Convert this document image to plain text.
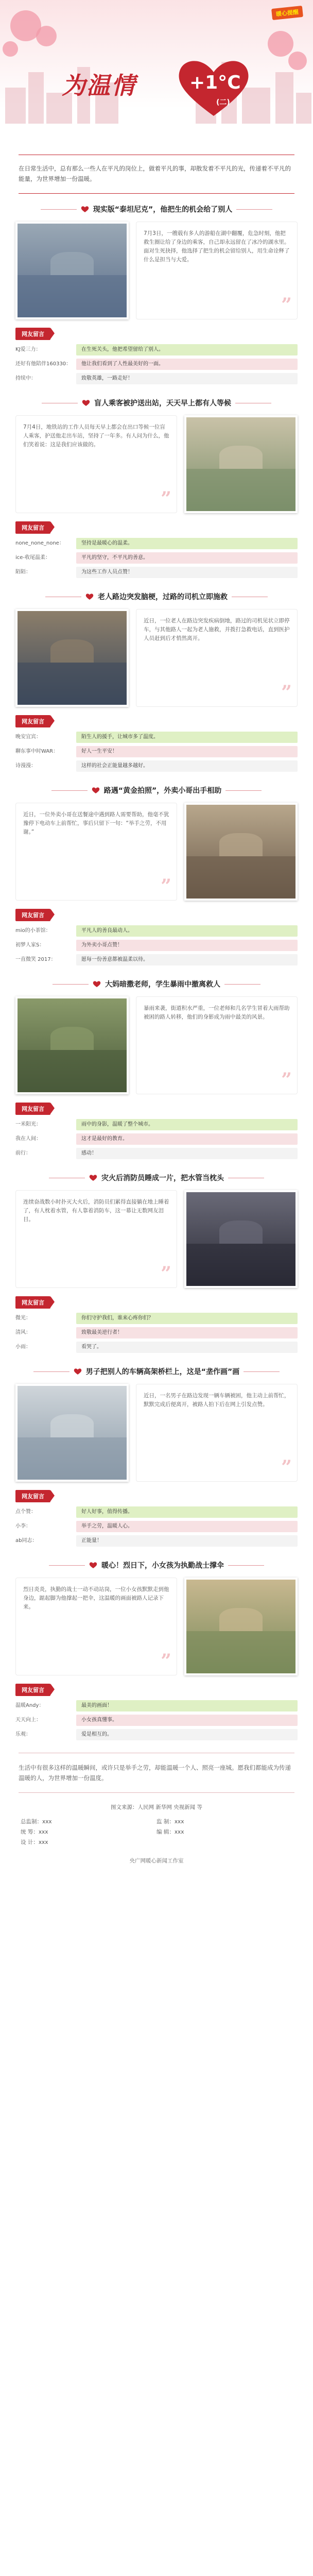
暖心提醒
为温情	+1°C
(二)
在日常生活中，总有那么一些人在平凡的岗位上，做着平凡的事，却散发着不平凡的光，传递着不平凡的能量，为世界增加一份温暖。
现实版“泰坦尼克”，他把生的机会给了别人
7月3日，一艘载有多人的游船在湖中翻覆，危急时刻，他把救生圈让给了身边的乘客，自己却永远留在了冰冷的湖水里。面对生死抉择，他选择了把生的机会留给别人，用生命诠释了什么是担当与大爱。
”
网友留言
KJ爱三力：	在生死关头，他把希望留给了别人。
还好有他陪伴160330：	他让我们看到了人性最美好的一面。
持续中：	致敬英雄，一路走好！
盲人乘客被护送出站，天天早上都有人等候
7月4日，地铁站的工作人员每天早上都会在出口等候一位盲人乘客，护送他走出车站，坚持了一年多。有人问为什么，他们笑着说：这是我们应该做的。
”
网友留言
none_none_none：	坚持是最暖心的温柔。
ice-收尾温柔：	平凡的坚守，不平凡的善意。
陌陌：	为这些工作人员点赞！
老人路边突发脑梗，过路的司机立即施救
近日，一位老人在路边突发疾病倒地，路过的司机见状立即停车，与其他路人一起为老人施救，并拨打急救电话，直到医护人员赶到后才悄然离开。
”
网友留言
晚安宜宾：	陌生人的援手，让城市多了温度。
聊东事中时WAR：	好人一生平安！
诗漫漫：	这样的社会正能量越多越好。
路遇“黄金拍照”，外卖小哥出手相助
近日，一位外卖小哥在送餐途中遇到路人需要帮助，他毫不犹豫停下电动车上前帮忙，事后只留下一句：“举手之劳，不用谢。”
”
网友留言
mio的小茶馆：	平凡人的善良最动人。
初梦人家S：	为外卖小哥点赞！
一直微笑 2017：	愿每一份善意都被温柔以待。
大妈暗撒老师，学生暴雨中撤离救人
暴雨来袭，街道积水严重，一位老师和几名学生冒着大雨帮助被困的路人转移，他们的身影成为雨中最美的风景。
”
网友留言
一米阳光：	雨中的身影，温暖了整个城市。
我在人间：	这才是最好的教育。
前行：	感动！
灾火后消防员睡成一片，把水管当枕头
连续奋战数小时扑灭大火后，消防员们累得直接躺在地上睡着了，有人枕着水管，有人靠着消防车，这一幕让无数网友泪目。
”
网友留言
微光：	你们守护我们，谁来心疼你们？
清风：	致敬最美逆行者！
小雨：	看哭了。
男子把别人的车辆高架桥栏上，这是“垄作画”画
近日，一名男子在路边发现一辆车辆被困，他主动上前帮忙，默默完成后便离开，被路人拍下后在网上引发点赞。
”
网友留言
点个赞：	好人好事，值得传播。
小李：	举手之劳，温暖人心。
ab同志：	正能量！
暖心！烈日下，小女孩为执勤战士撑伞
烈日炎炎，执勤的战士一动不动站岗，一位小女孩默默走到他身边，踮起脚为他撑起一把伞，这温暖的画面被路人记录下来。
”
网友留言
温暖Andy：	最美的画面！
天天向上：	小女孩真懂事。
乐观：	爱是相互的。
生活中有很多这样的温暖瞬间，或许只是举手之劳，却能温暖一个人、照亮一座城。愿我们都能成为传递温暖的人，为世界增加一份温度。
图文来源：人民网 新华网 央视新闻 等
总监制：xxx	监 制：xxx
统 筹：xxx	编 辑：xxx
设 计：xxx
央广网暖心新闻工作室
